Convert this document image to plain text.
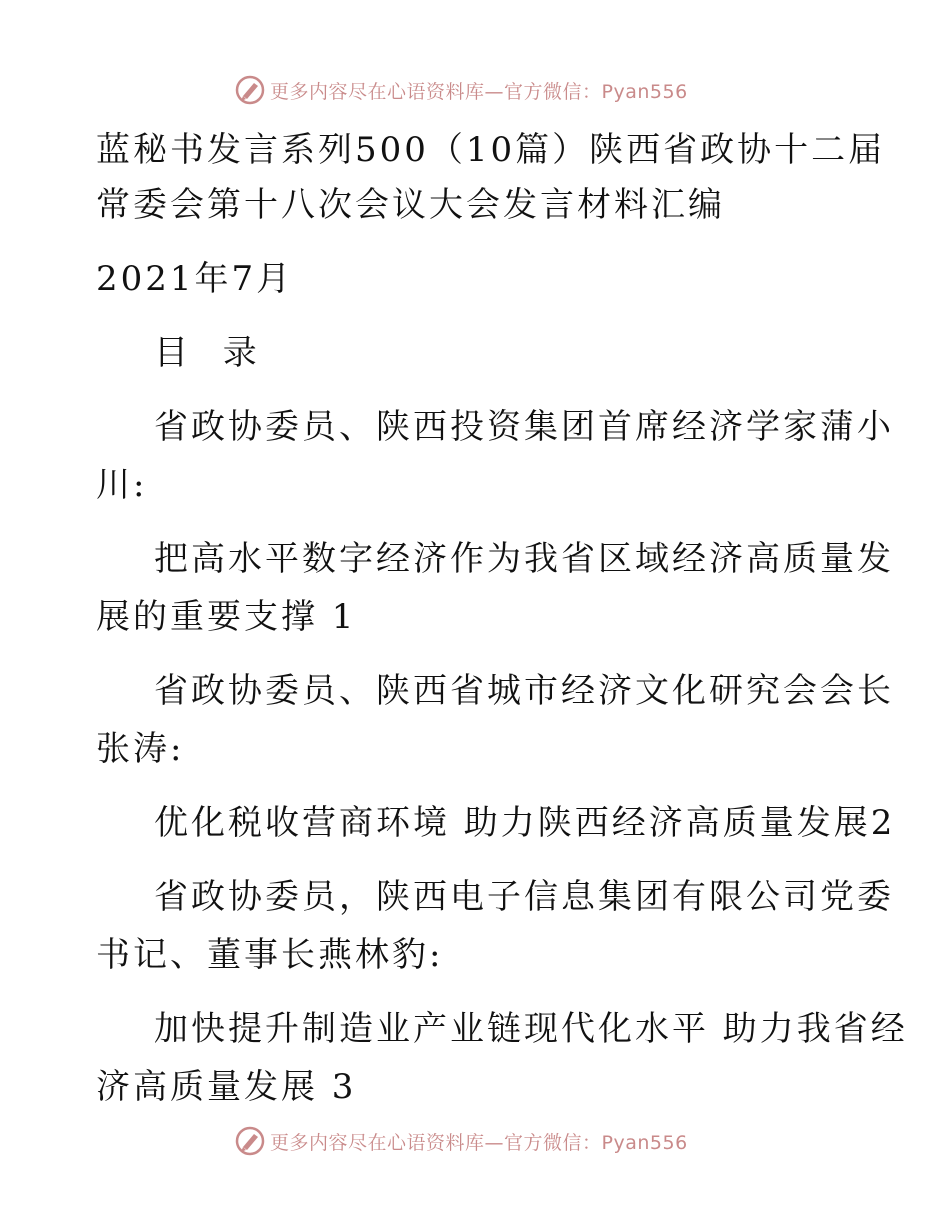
更多内容尽在心语资料库—官方微信：Pyan556
蓝秘书发言系列500（10篇）陕西省政协十二届
常委会第十八次会议大会发言材料汇编
2021年7月
目 录
省政协委员、陕西投资集团首席经济学家蒲小
川:
把高水平数字经济作为我省区域经济高质量发
展的重要支撑 1
省政协委员、陕西省城市经济文化研究会会长
张涛:
优化税收营商环境 助力陕西经济高质量发展2
省政协委员，陕西电子信息集团有限公司党委
书记、董事长燕林豹:
加快提升制造业产业链现代化水平 助力我省经
济高质量发展 3
更多内容尽在心语资料库—官方微信：Pyan556
